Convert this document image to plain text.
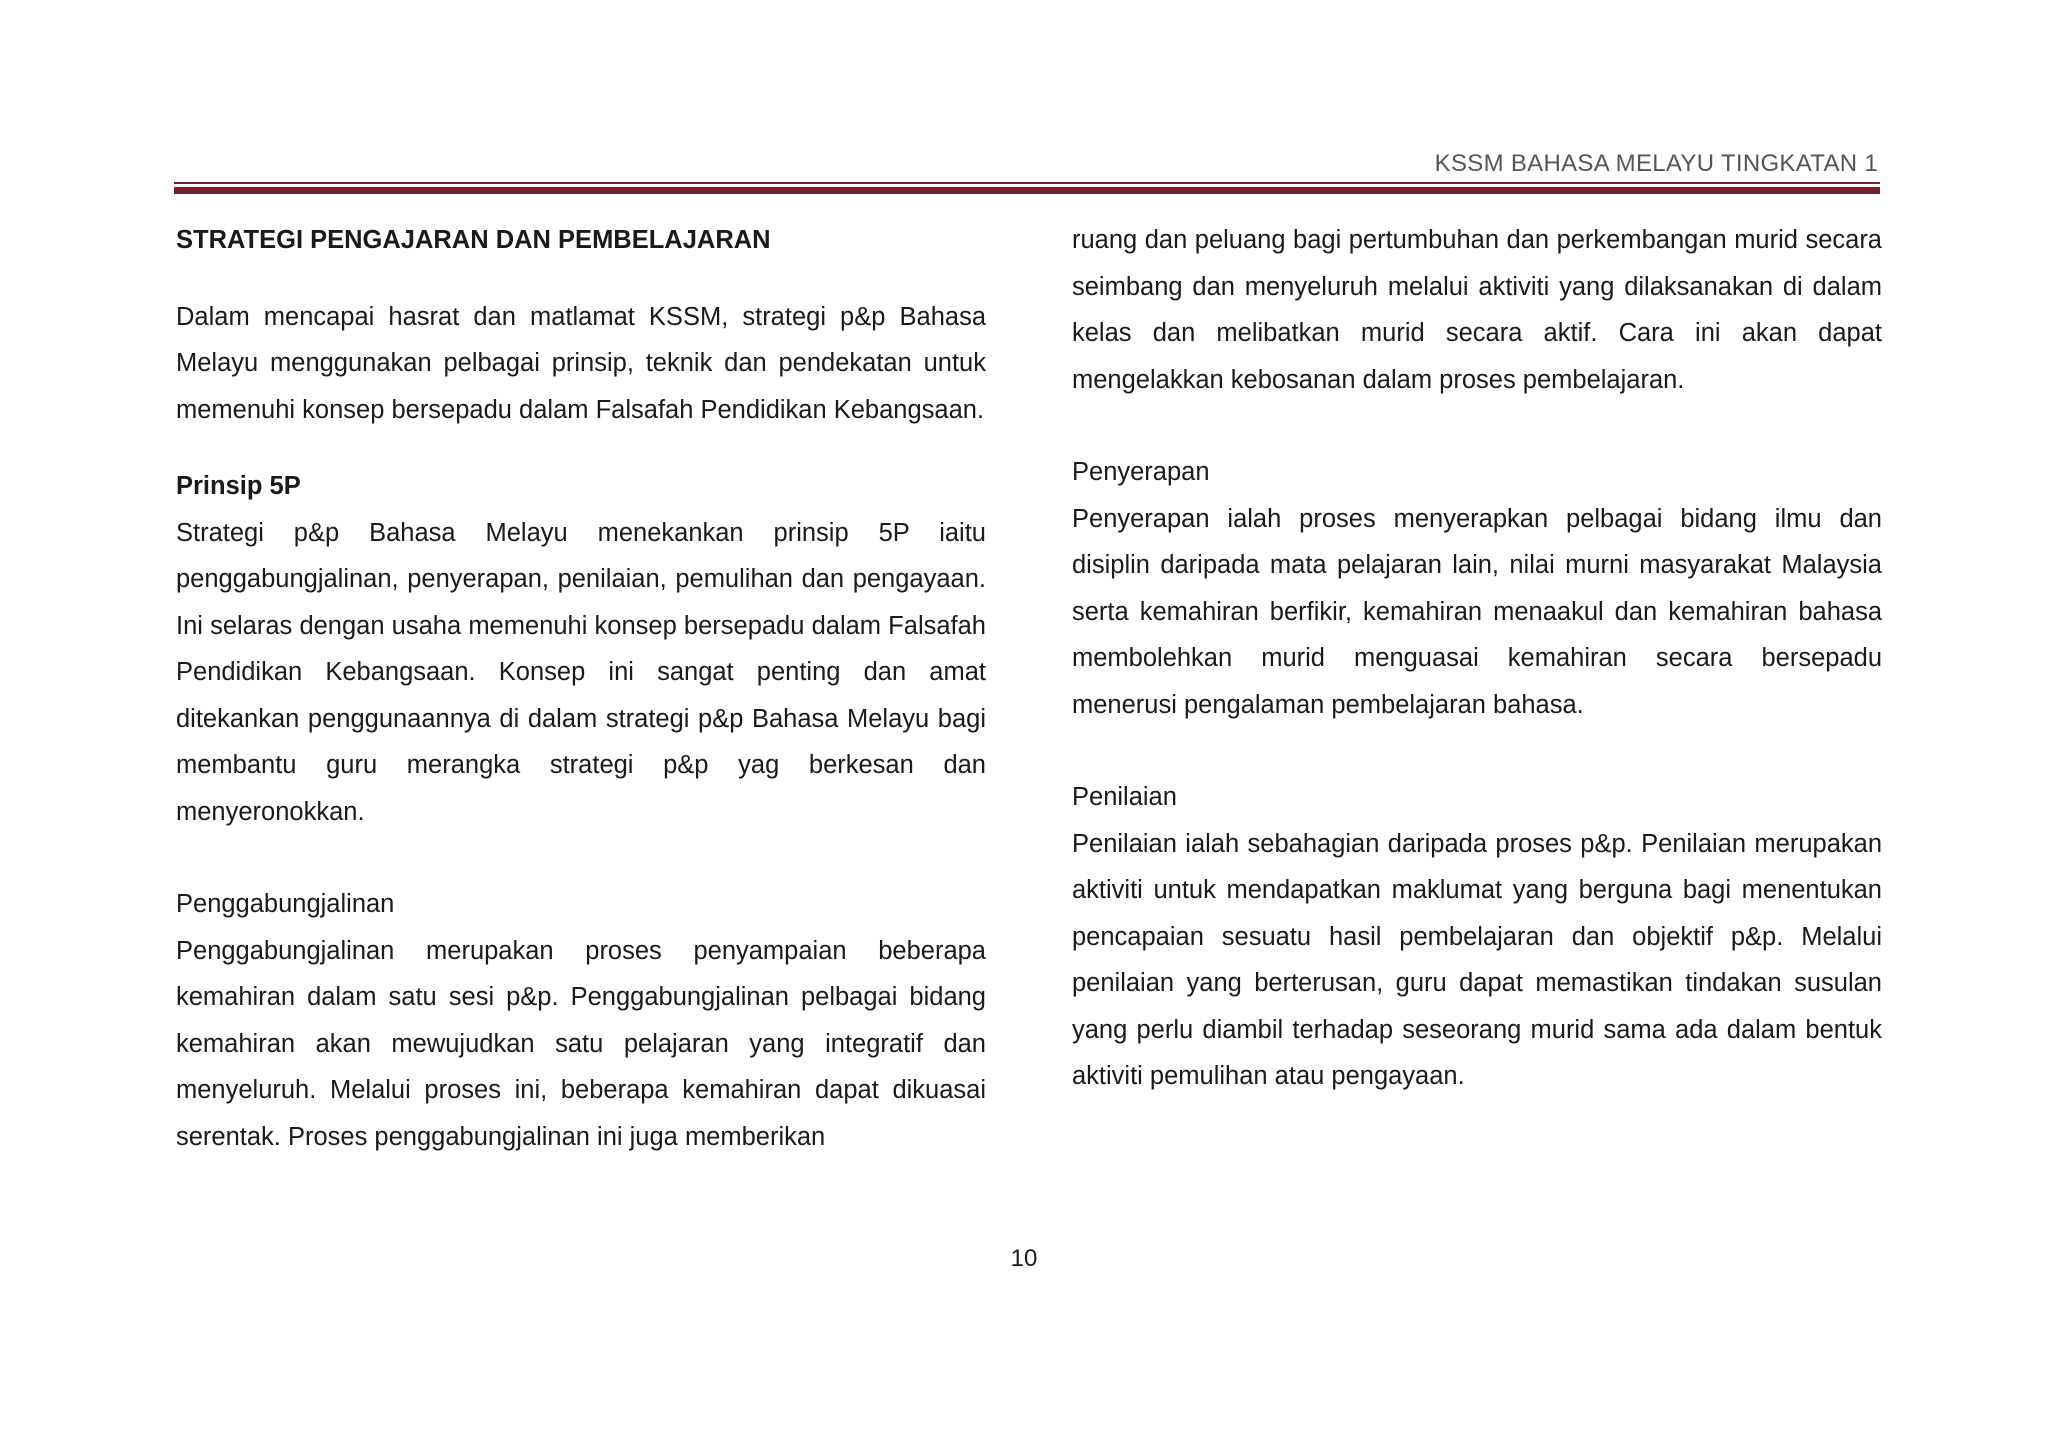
KSSM BAHASA MELAYU TINGKATAN 1

STRATEGI PENGAJARAN DAN PEMBELAJARAN

Dalam mencapai hasrat dan matlamat KSSM, strategi p&p Bahasa Melayu menggunakan pelbagai prinsip, teknik dan pendekatan untuk memenuhi konsep bersepadu dalam Falsafah Pendidikan Kebangsaan.

Prinsip 5P

Strategi p&p Bahasa Melayu menekankan prinsip 5P iaitu penggabungjalinan, penyerapan, penilaian, pemulihan dan pengayaan. Ini selaras dengan usaha memenuhi konsep bersepadu dalam Falsafah Pendidikan Kebangsaan. Konsep ini sangat penting dan amat ditekankan penggunaannya di dalam strategi p&p Bahasa Melayu bagi membantu guru merangka strategi p&p yag berkesan dan menyeronokkan.

Penggabungjalinan

Penggabungjalinan merupakan proses penyampaian beberapa kemahiran dalam satu sesi p&p. Penggabungjalinan pelbagai bidang kemahiran akan mewujudkan satu pelajaran yang integratif dan menyeluruh. Melalui proses ini, beberapa kemahiran dapat dikuasai serentak. Proses penggabungjalinan ini juga memberikan

ruang dan peluang bagi pertumbuhan dan perkembangan murid secara seimbang dan menyeluruh melalui aktiviti yang dilaksanakan di dalam kelas dan melibatkan murid secara aktif. Cara ini akan dapat mengelakkan kebosanan dalam proses pembelajaran.

Penyerapan

Penyerapan ialah proses menyerapkan pelbagai bidang ilmu dan disiplin daripada mata pelajaran lain, nilai murni masyarakat Malaysia serta kemahiran berfikir, kemahiran menaakul dan kemahiran bahasa membolehkan murid menguasai kemahiran secara bersepadu menerusi pengalaman pembelajaran bahasa.

Penilaian

Penilaian ialah sebahagian daripada proses p&p. Penilaian merupakan aktiviti untuk mendapatkan maklumat yang berguna bagi menentukan pencapaian sesuatu hasil pembelajaran dan objektif p&p. Melalui penilaian yang berterusan, guru dapat memastikan tindakan susulan yang perlu diambil terhadap seseorang murid sama ada dalam bentuk aktiviti pemulihan atau pengayaan.

10
